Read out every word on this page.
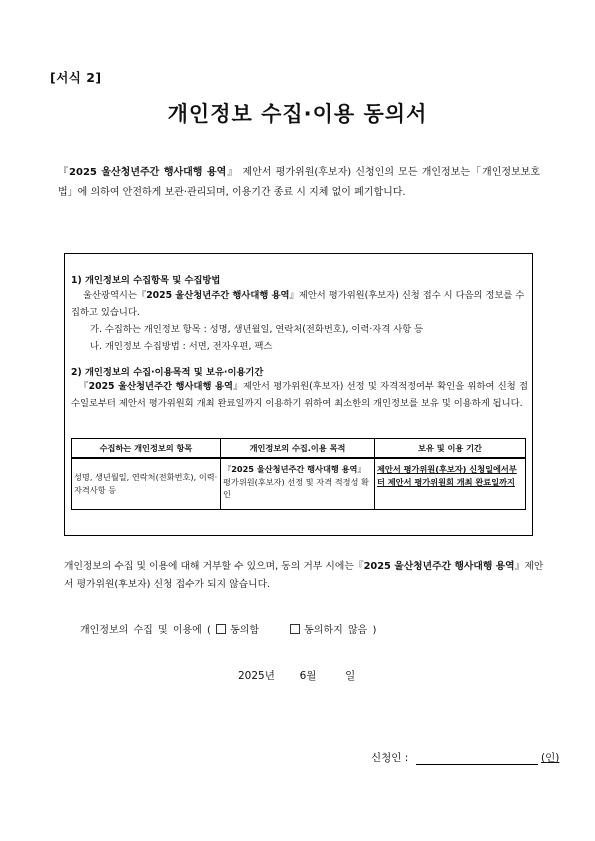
[서식 2]
개인정보 수집·이용 동의서
『2025 울산청년주간 행사대행 용역』 제안서 평가위원(후보자) 신청인의 모든 개인정보는「개인정보보호법」에 의하여 안전하게 보관·관리되며, 이용기간 종료 시 지체 없이 폐기합니다.
1) 개인정보의 수집항목 및 수집방법
울산광역시는『2025 울산청년주간 행사대행 용역』제안서 평가위원(후보자) 신청 접수 시 다음의 정보를 수집하고 있습니다.
가. 수집하는 개인정보 항목 : 성명, 생년월일, 연락처(전화번호), 이력·자격 사항 등
나. 개인정보 수집방법 : 서면, 전자우편, 팩스
2) 개인정보의 수집·이용목적 및 보유·이용기간
『2025 울산청년주간 행사대행 용역』제안서 평가위원(후보자) 선정 및 자격적정여부 확인을 위하여 신청 접수일로부터 제안서 평가위원회 개최 완료일까지 이용하기 위하여 최소한의 개인정보를 보유 및 이용하게 됩니다.
수집하는 개인정보의 항목	개인정보의 수집.이용 목적	보유 및 이용 기간
성명, 생년월일, 연락처(전화번호), 이력·자격사항 등	『2025 울산청년주간 행사대행 용역』평가위원(후보자) 선정 및 자격 적정성 확인	제안서 평가위원(후보자) 신청일에서부터 제안서 평가위원회 개최 완료일까지
개인정보의 수집 및 이용에 대해 거부할 수 있으며, 동의 거부 시에는『2025 울산청년주간 행사대행 용역』제안서 평가위원(후보자) 신청 접수가 되지 않습니다.
개인정보의 수집 및 이용에 ( 동의함	동의하지 않음 )
2025년 6월	일
신청인 :	(인)
